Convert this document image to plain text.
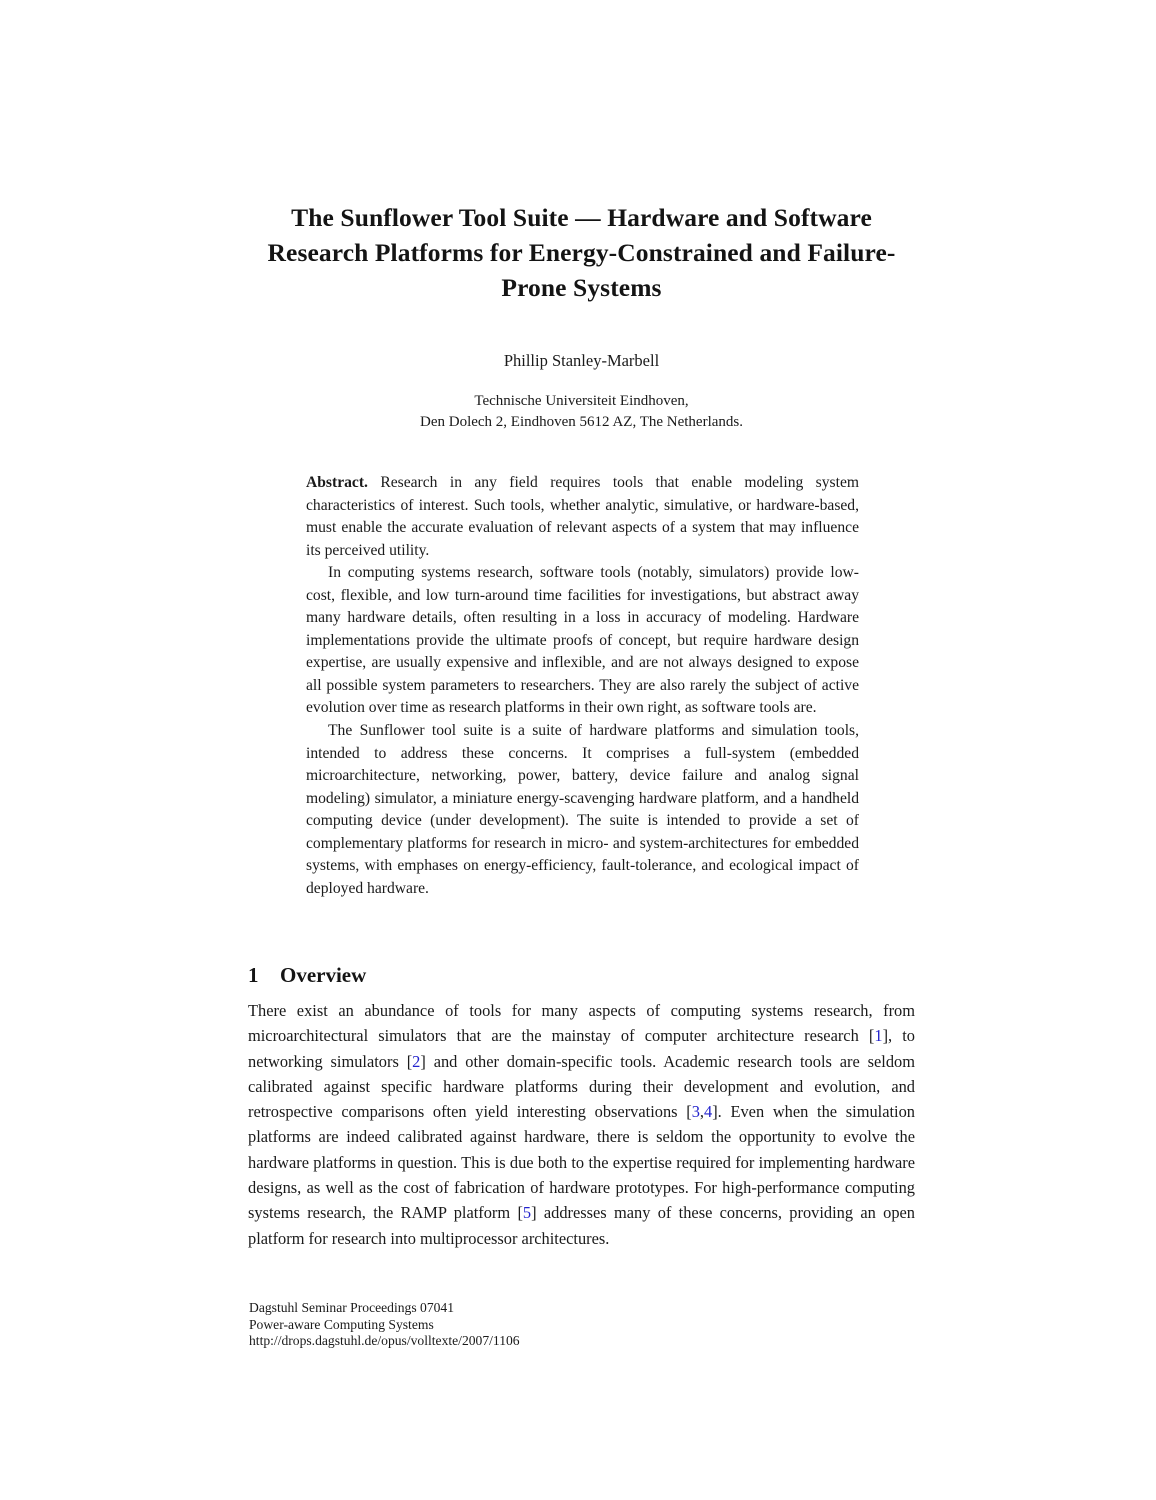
The Sunflower Tool Suite — Hardware and Software Research Platforms for Energy-Constrained and Failure-Prone Systems
Phillip Stanley-Marbell
Technische Universiteit Eindhoven,
Den Dolech 2, Eindhoven 5612 AZ, The Netherlands.

Abstract. Research in any field requires tools that enable modeling system characteristics of interest. Such tools, whether analytic, simulative, or hardware-based, must enable the accurate evaluation of relevant aspects of a system that may influence its perceived utility.

In computing systems research, software tools (notably, simulators) provide low-cost, flexible, and low turn-around time facilities for investigations, but abstract away many hardware details, often resulting in a loss in accuracy of modeling. Hardware implementations provide the ultimate proofs of concept, but require hardware design expertise, are usually expensive and inflexible, and are not always designed to expose all possible system parameters to researchers. They are also rarely the subject of active evolution over time as research platforms in their own right, as software tools are.

The Sunflower tool suite is a suite of hardware platforms and simulation tools, intended to address these concerns. It comprises a full-system (embedded microarchitecture, networking, power, battery, device failure and analog signal modeling) simulator, a miniature energy-scavenging hardware platform, and a handheld computing device (under development). The suite is intended to provide a set of complementary platforms for research in micro- and system-architectures for embedded systems, with emphases on energy-efficiency, fault-tolerance, and ecological impact of deployed hardware.

1 Overview

There exist an abundance of tools for many aspects of computing systems research, from microarchitectural simulators that are the mainstay of computer architecture research [1], to networking simulators [2] and other domain-specific tools. Academic research tools are seldom calibrated against specific hardware platforms during their development and evolution, and retrospective comparisons often yield interesting observations [3,4]. Even when the simulation platforms are indeed calibrated against hardware, there is seldom the opportunity to evolve the hardware platforms in question. This is due both to the expertise required for implementing hardware designs, as well as the cost of fabrication of hardware prototypes. For high-performance computing systems research, the RAMP platform [5] addresses many of these concerns, providing an open platform for research into multiprocessor architectures.

Dagstuhl Seminar Proceedings 07041
Power-aware Computing Systems
http://drops.dagstuhl.de/opus/volltexte/2007/1106
